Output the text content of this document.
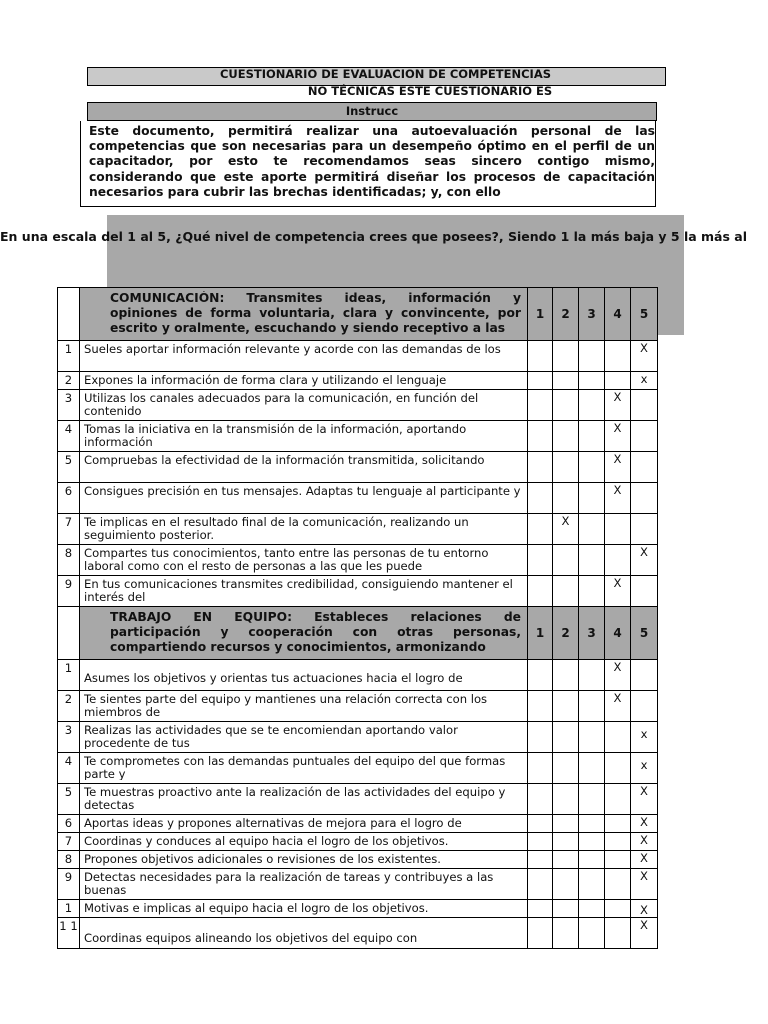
CUESTIONARIO DE EVALUACION DE COMPETENCIAS
NO TÉCNICAS ESTE CUESTIONARIO ES
Instrucc
Este documento, permitirá realizar una autoevaluación personal de las competencias que son necesarias para un desempeño óptimo en el perfil de un capacitador, por esto te recomendamos seas sincero contigo mismo, considerando que este aporte permitirá diseñar los procesos de capacitación necesarios para cubrir las brechas identificadas; y, con ello
En una escala del 1 al 5, ¿Qué nivel de competencia crees que posees?, Siendo 1 la más baja y 5 la más al

	COMUNICACIÓN: Transmites ideas, información y opiniones de forma voluntaria, clara y convincente, por escrito y oralmente, escuchando y siendo receptivo a las	1	2	3	4	5
1	Sueles aportar información relevante y acorde con las demandas de los					X
2	Expones la información de forma clara y utilizando el lenguaje					x
3	Utilizas los canales adecuados para la comunicación, en función del contenido				X	
4	Tomas la iniciativa en la transmisión de la información, aportando información				X	
5	Compruebas la efectividad de la información transmitida, solicitando				X	
6	Consigues precisión en tus mensajes. Adaptas tu lenguaje al participante y				X	
7	Te implicas en el resultado final de la comunicación, realizando un seguimiento posterior.		X			
8	Compartes tus conocimientos, tanto entre las personas de tu entorno laboral como con el resto de personas a las que les puede					X
9	En tus comunicaciones transmites credibilidad, consiguiendo mantener el interés del				X	

	TRABAJO EN EQUIPO: Estableces relaciones de participación y cooperación con otras personas, compartiendo recursos y conocimientos, armonizando	1	2	3	4	5
1	Asumes los objetivos y orientas tus actuaciones hacia el logro de				X	
2	Te sientes parte del equipo y mantienes una relación correcta con los miembros de				X	
3	Realizas las actividades que se te encomiendan aportando valor procedente de tus					x
4	Te comprometes con las demandas puntuales del equipo del que formas parte y					x
5	Te muestras proactivo ante la realización de las actividades del equipo y detectas					X
6	Aportas ideas y propones alternativas de mejora para el logro de					X
7	Coordinas y conduces al equipo hacia el logro de los objetivos.					X
8	Propones objetivos adicionales o revisiones de los existentes.					X
9	Detectas necesidades para la realización de tareas y contribuyes a las buenas					X
1	Motivas e implicas al equipo hacia el logro de los objetivos.					X
1 1	Coordinas equipos alineando los objetivos del equipo con					X
